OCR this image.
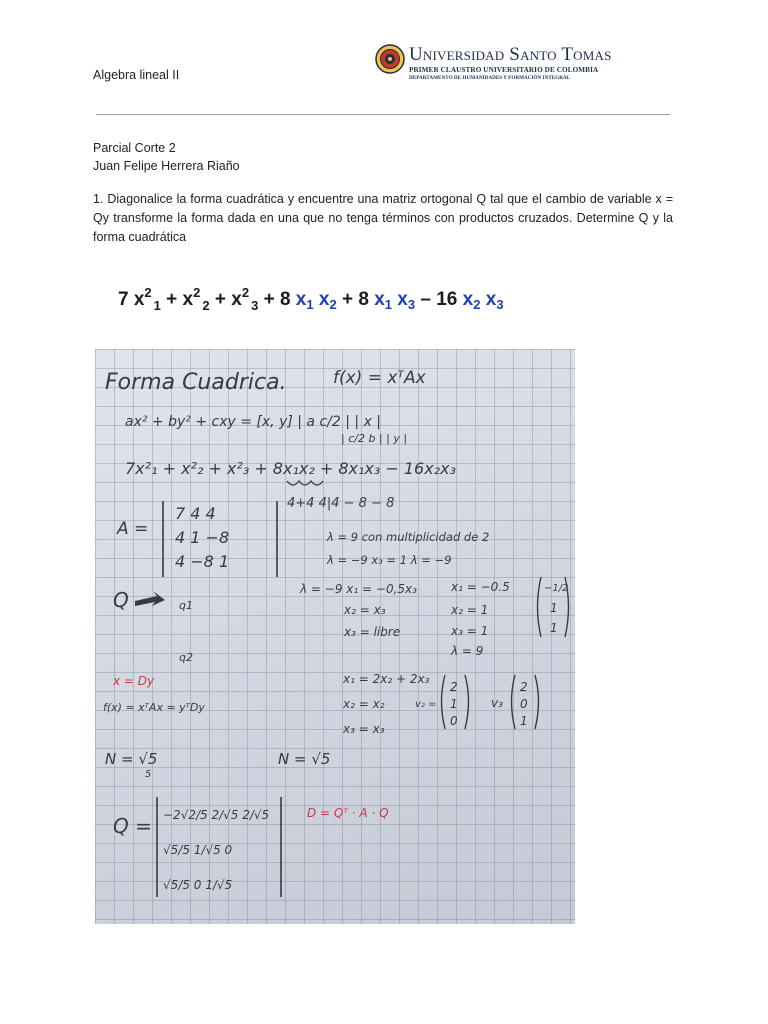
Algebra lineal II
Universidad Santo Tomas
PRIMER CLAUSTRO UNIVERSITARIO DE COLOMBIA
DEPARTAMENTO DE HUMANIDADES Y FORMACIÓN INTEGRAL
Parcial Corte 2
Juan Felipe Herrera Riaño
1. Diagonalice la forma cuadrática y encuentre una matriz ortogonal Q tal que el cambio de variable x = Qy transforme la forma dada en una que no tenga términos con productos cruzados. Determine Q y la forma cuadrática
7 $x^2_1 + x^2_2 + x^2_3 + 8$ $x_1$ $x_2 + 8$ $x_1$ $x_3 - 16$ $x_2$ $x_3$
Forma Cuadrica.	f(x) = xᵀAx
ax² + by² + cxy = [x, y] | a c/2 | | x |
| c/2 b | | y |
7x²₁ + x²₂ + x²₃ + 8x₁x₂ + 8x₁x₃ − 16x₂x₃
4+4 4|4 − 8 − 8
A =
7 4 4
4 1 −8
4 −8 1
λ = 9 con multiplicidad de 2
λ = −9 x₃ = 1 λ = −9
λ = −9 x₁ = −0,5x₃
x₂ = x₃
x₃ = libre
x₁ = −0.5
x₂ = 1
x₃ = 1
−1/2
1
1
λ = 9
Q	q1
q2
x = Dy
f(x) = xᵀAx = yᵀDy
x₁ = 2x₂ + 2x₃
x₂ = x₂
x₃ = x₃
v₂ =
2
1
0
v₃
2
0
1
N = √5
5
N = √5
Q = −2√2/5 2/√5 2/√5
√5/5 1/√5 0
√5/5 0 1/√5
D = Qᵀ · A · Q
